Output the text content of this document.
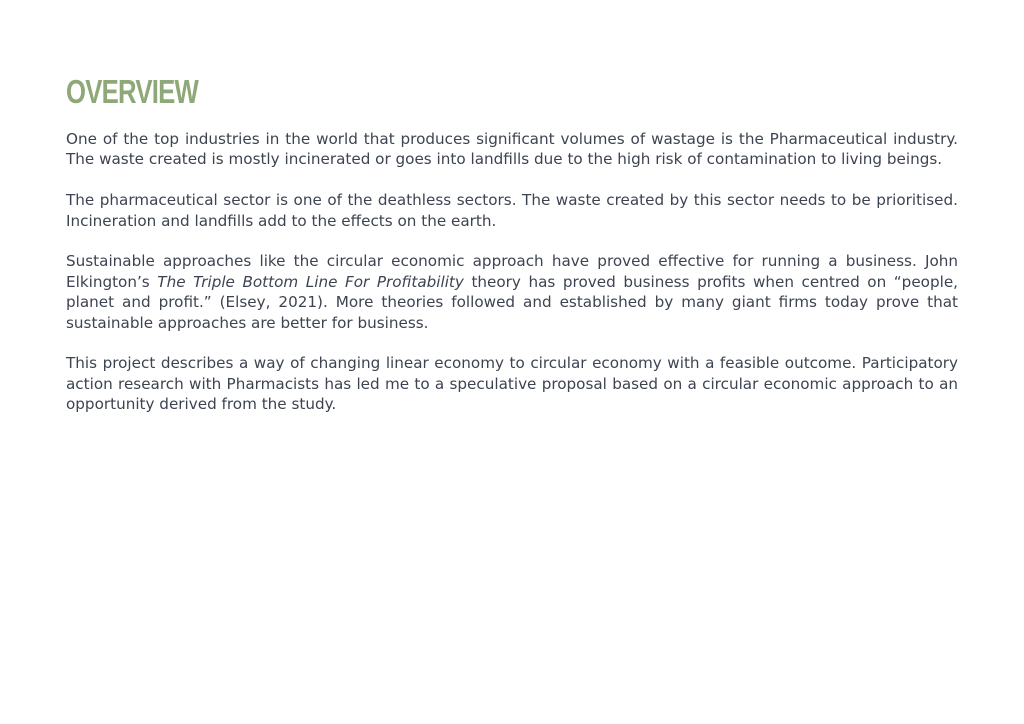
OVERVIEW

One of the top industries in the world that produces significant volumes of wastage is the Pharmaceutical industry. The waste created is mostly incinerated or goes into landfills due to the high risk of contamination to living beings.

The pharmaceutical sector is one of the deathless sectors. The waste created by this sector needs to be prioritised. Incineration and landfills add to the effects on the earth.

Sustainable approaches like the circular economic approach have proved effective for running a business. John Elkington’s The Triple Bottom Line For Profitability theory has proved business profits when centred on “people, planet and profit.” (Elsey, 2021). More theories followed and established by many giant firms today prove that sustainable approaches are better for business.

This project describes a way of changing linear economy to circular economy with a feasible outcome. Participatory action research with Pharmacists has led me to a speculative proposal based on a circular economic approach to an opportunity derived from the study.
